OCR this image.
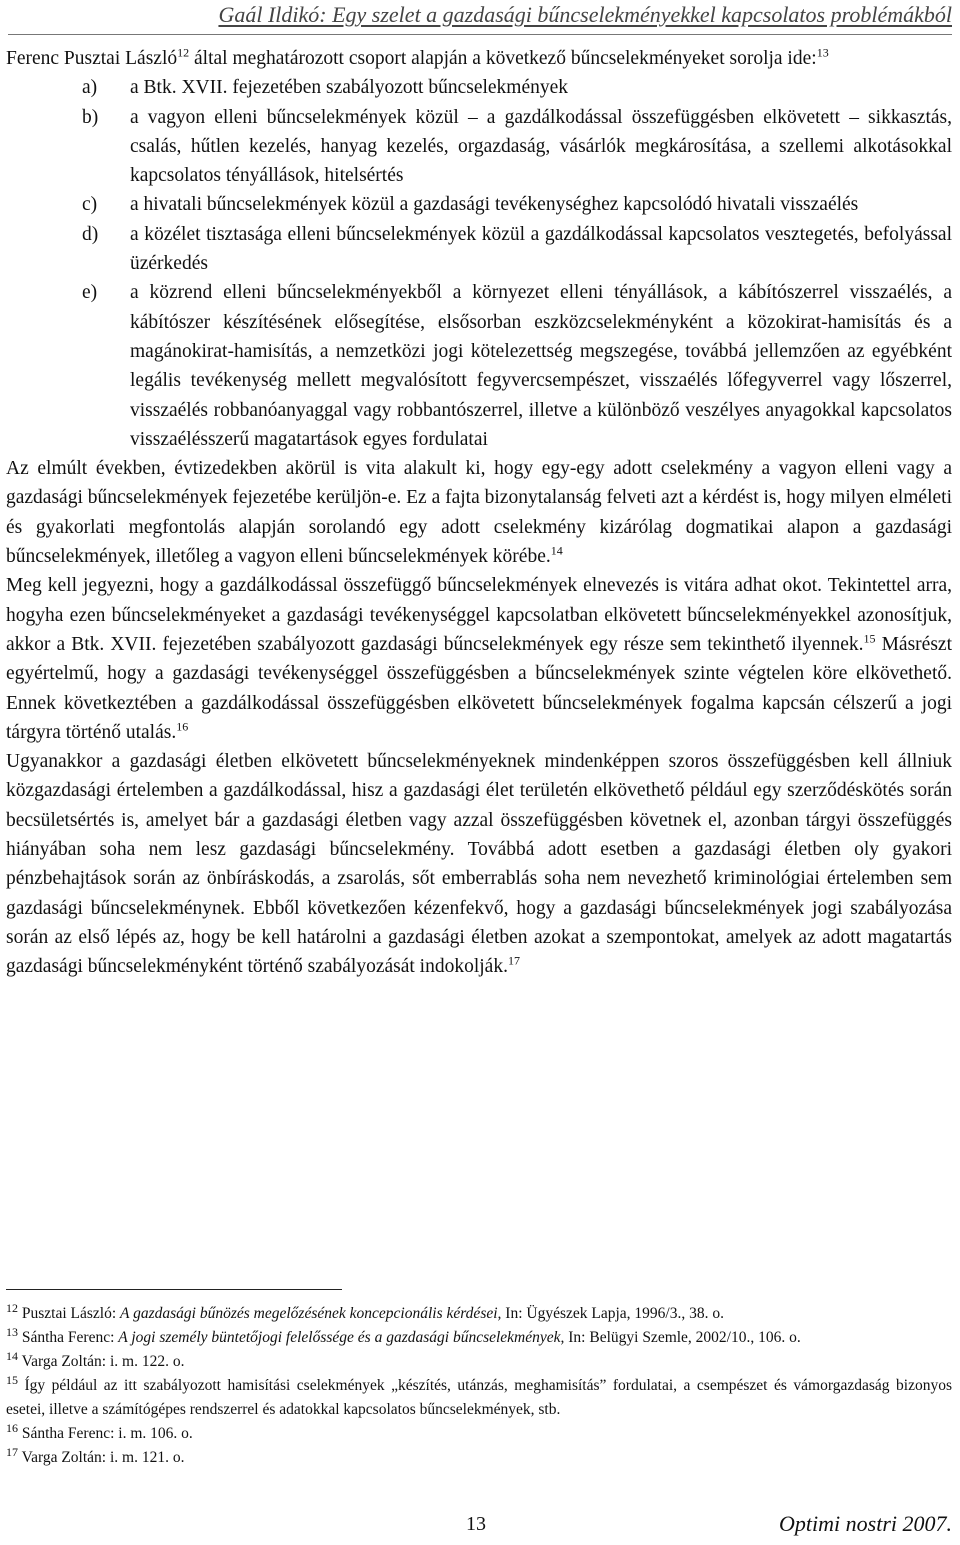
Gaál Ildikó: Egy szelet a gazdasági bűncselekményekkel kapcsolatos problémákból

Ferenc Pusztai László$^{12}$ által meghatározott csoport alapján a következő bűncselekményeket sorolja ide:$^{13}$

a) a Btk. XVII. fejezetében szabályozott bűncselekmények
b) a vagyon elleni bűncselekmények közül – a gazdálkodással összefüggésben elkövetett – sikkasztás, csalás, hűtlen kezelés, hanyag kezelés, orgazdaság, vásárlók megkárosítása, a szellemi alkotásokkal kapcsolatos tényállások, hitelsértés
c) a hivatali bűncselekmények közül a gazdasági tevékenységhez kapcsolódó hivatali visszaélés
d) a közélet tisztasága elleni bűncselekmények közül a gazdálkodással kapcsolatos vesztegetés, befolyással üzérkedés
e) a közrend elleni bűncselekményekből a környezet elleni tényállások, a kábítószerrel visszaélés, a kábítószer készítésének elősegítése, elsősorban eszközcselekményként a közokirat-hamisítás és a magánokirat-hamisítás, a nemzetközi jogi kötelezettség megszegése, továbbá jellemzően az egyébként legális tevékenység mellett megvalósított fegyvercsempészet, visszaélés lőfegyverrel vagy lőszerrel, visszaélés robbanóanyaggal vagy robbantószerrel, illetve a különböző veszélyes anyagokkal kapcsolatos visszaélésszerű magatartások egyes fordulatai

Az elmúlt években, évtizedekben akörül is vita alakult ki, hogy egy-egy adott cselekmény a vagyon elleni vagy a gazdasági bűncselekmények fejezetébe kerüljön-e. Ez a fajta bizonytalanság felveti azt a kérdést is, hogy milyen elméleti és gyakorlati megfontolás alapján sorolandó egy adott cselekmény kizárólag dogmatikai alapon a gazdasági bűncselekmények, illetőleg a vagyon elleni bűncselekmények körébe.$^{14}$

Meg kell jegyezni, hogy a gazdálkodással összefüggő bűncselekmények elnevezés is vitára adhat okot. Tekintettel arra, hogyha ezen bűncselekményeket a gazdasági tevékenységgel kapcsolatban elkövetett bűncselekményekkel azonosítjuk, akkor a Btk. XVII. fejezetében szabályozott gazdasági bűncselekmények egy része sem tekinthető ilyennek.$^{15}$ Másrészt egyértelmű, hogy a gazdasági tevékenységgel összefüggésben a bűncselekmények szinte végtelen köre elkövethető. Ennek következtében a gazdálkodással összefüggésben elkövetett bűncselekmények fogalma kapcsán célszerű a jogi tárgyra történő utalás.$^{16}$

Ugyanakkor a gazdasági életben elkövetett bűncselekményeknek mindenképpen szoros összefüggésben kell állniuk közgazdasági értelemben a gazdálkodással, hisz a gazdasági élet területén elkövethető például egy szerződéskötés során becsületsértés is, amelyet bár a gazdasági életben vagy azzal összefüggésben követnek el, azonban tárgyi összefüggés hiányában soha nem lesz gazdasági bűncselekmény. Továbbá adott esetben a gazdasági életben oly gyakori pénzbehajtások során az önbíráskodás, a zsarolás, sőt emberrablás soha nem nevezhető kriminológiai értelemben sem gazdasági bűncselekménynek. Ebből következően kézenfekvő, hogy a gazdasági bűncselekmények jogi szabályozása során az első lépés az, hogy be kell határolni a gazdasági életben azokat a szempontokat, amelyek az adott magatartás gazdasági bűncselekményként történő szabályozását indokolják.$^{17}$

$^{12}$ Pusztai László: A gazdasági bűnözés megelőzésének koncepcionális kérdései, In: Ügyészek Lapja, 1996/3., 38. o.

$^{13}$ Sántha Ferenc: A jogi személy büntetőjogi felelőssége és a gazdasági bűncselekmények, In: Belügyi Szemle, 2002/10., 106. o.

$^{14}$ Varga Zoltán: i. m. 122. o.

$^{15}$ Így például az itt szabályozott hamisítási cselekmények „készítés, utánzás, meghamisítás” fordulatai, a csempészet és vámorgazdaság bizonyos esetei, illetve a számítógépes rendszerrel és adatokkal kapcsolatos bűncselekmények, stb.

$^{16}$ Sántha Ferenc: i. m. 106. o.

$^{17}$ Varga Zoltán: i. m. 121. o.

13	Optimi nostri 2007.
